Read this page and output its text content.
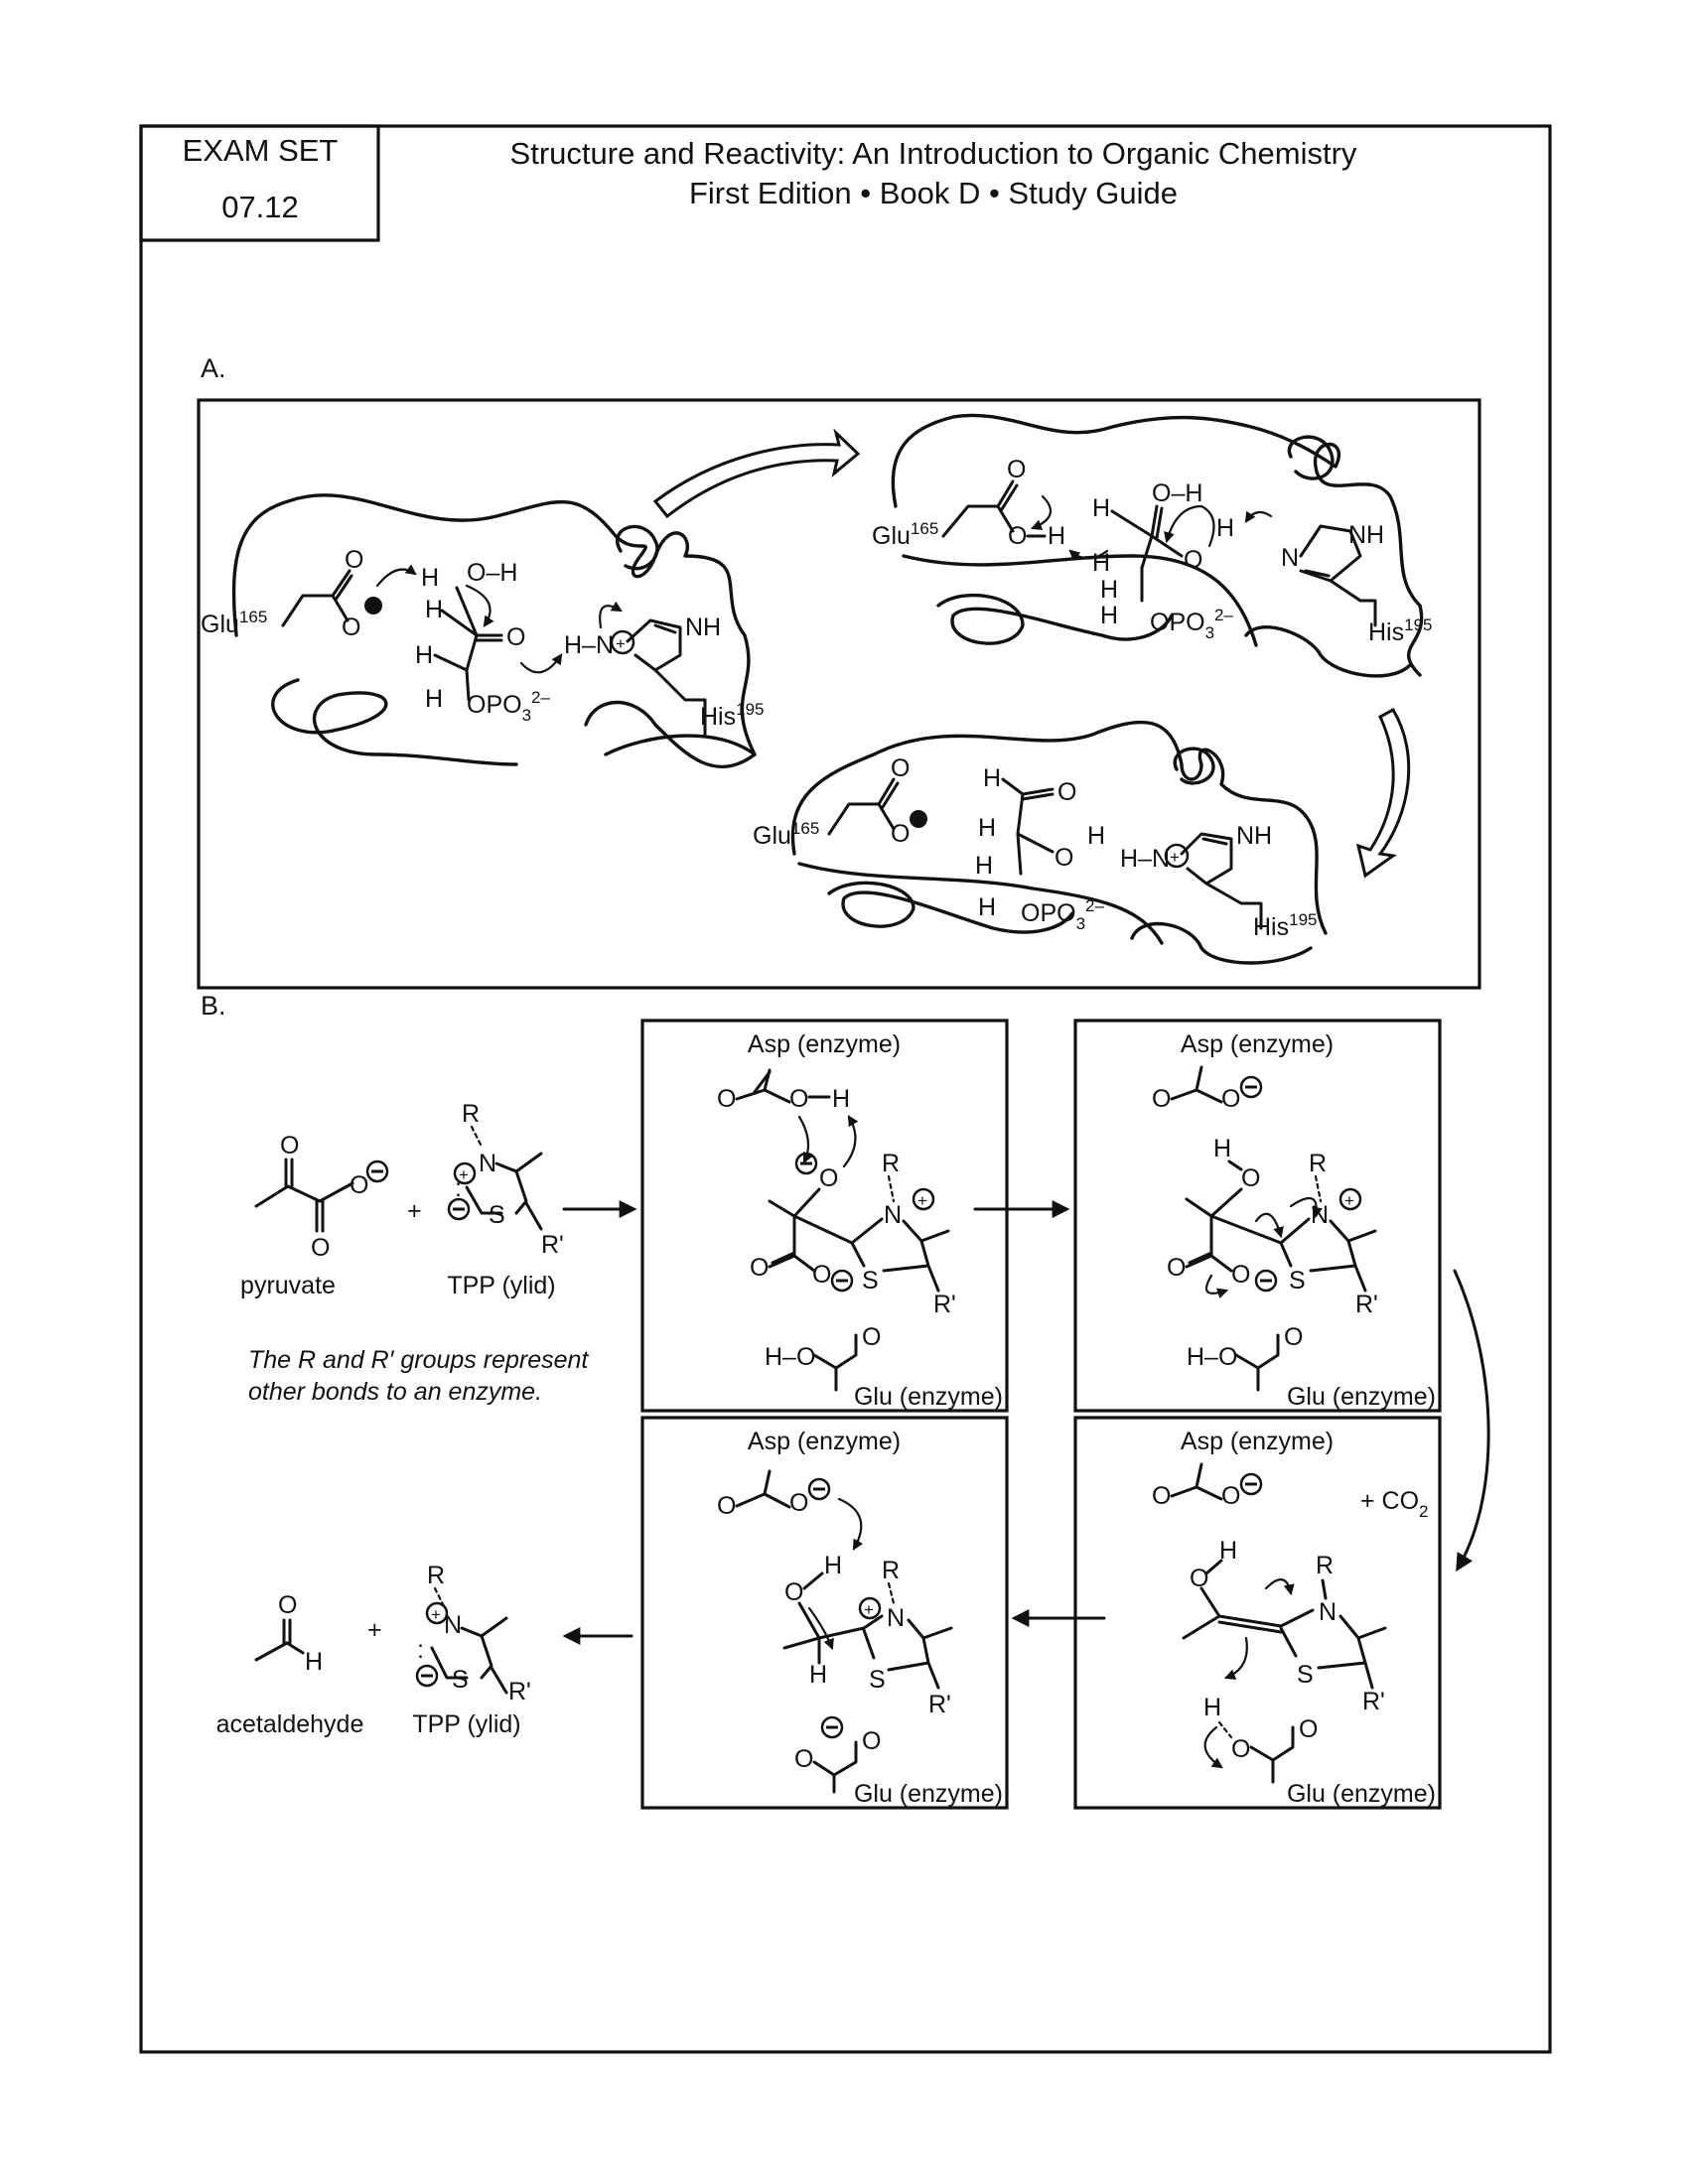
EXAM SET
07.12
Structure and Reactivity: An Introduction to Organic Chemistry
First Edition • Book D • Study Guide
A.
Glu$^{165}$
O
O
H O–H
H
O
H
H $OPO_3^{2-}$
H–N +
NH
His$^{195}$
Glu$^{165}$
O
O H
H
O–H
H	O
H
H $OPO_3^{2-}$
H
N
NH
His$^{195}$
Glu$^{165}$
O
O
H O
H
O
H
H
H $OPO_3^{2-}$
H–N +
NH
His$^{195}$
B.
O
O
O
pyruvate
+
R
N
+
S
R'
:
TPP (ylid)
The R and R′ groups represent
other bonds to an enzyme.
Asp (enzyme)
O O H
O
O O
R
N
+
S
R'
H–O
O
Glu (enzyme)
Asp (enzyme)
O O
H
O
O O
R
N
+
S
R'
H–O
O
Glu (enzyme)
Asp (enzyme)
O O	+ $CO_2$
H
O	R
N
S
R'
H
O
O
Glu (enzyme)
Asp (enzyme)
O O
H
O
H
R
N
+
S
R'
O
O
Glu (enzyme)
O
H
acetaldehyde
+
R
N
+
S R'
:
TPP (ylid)
